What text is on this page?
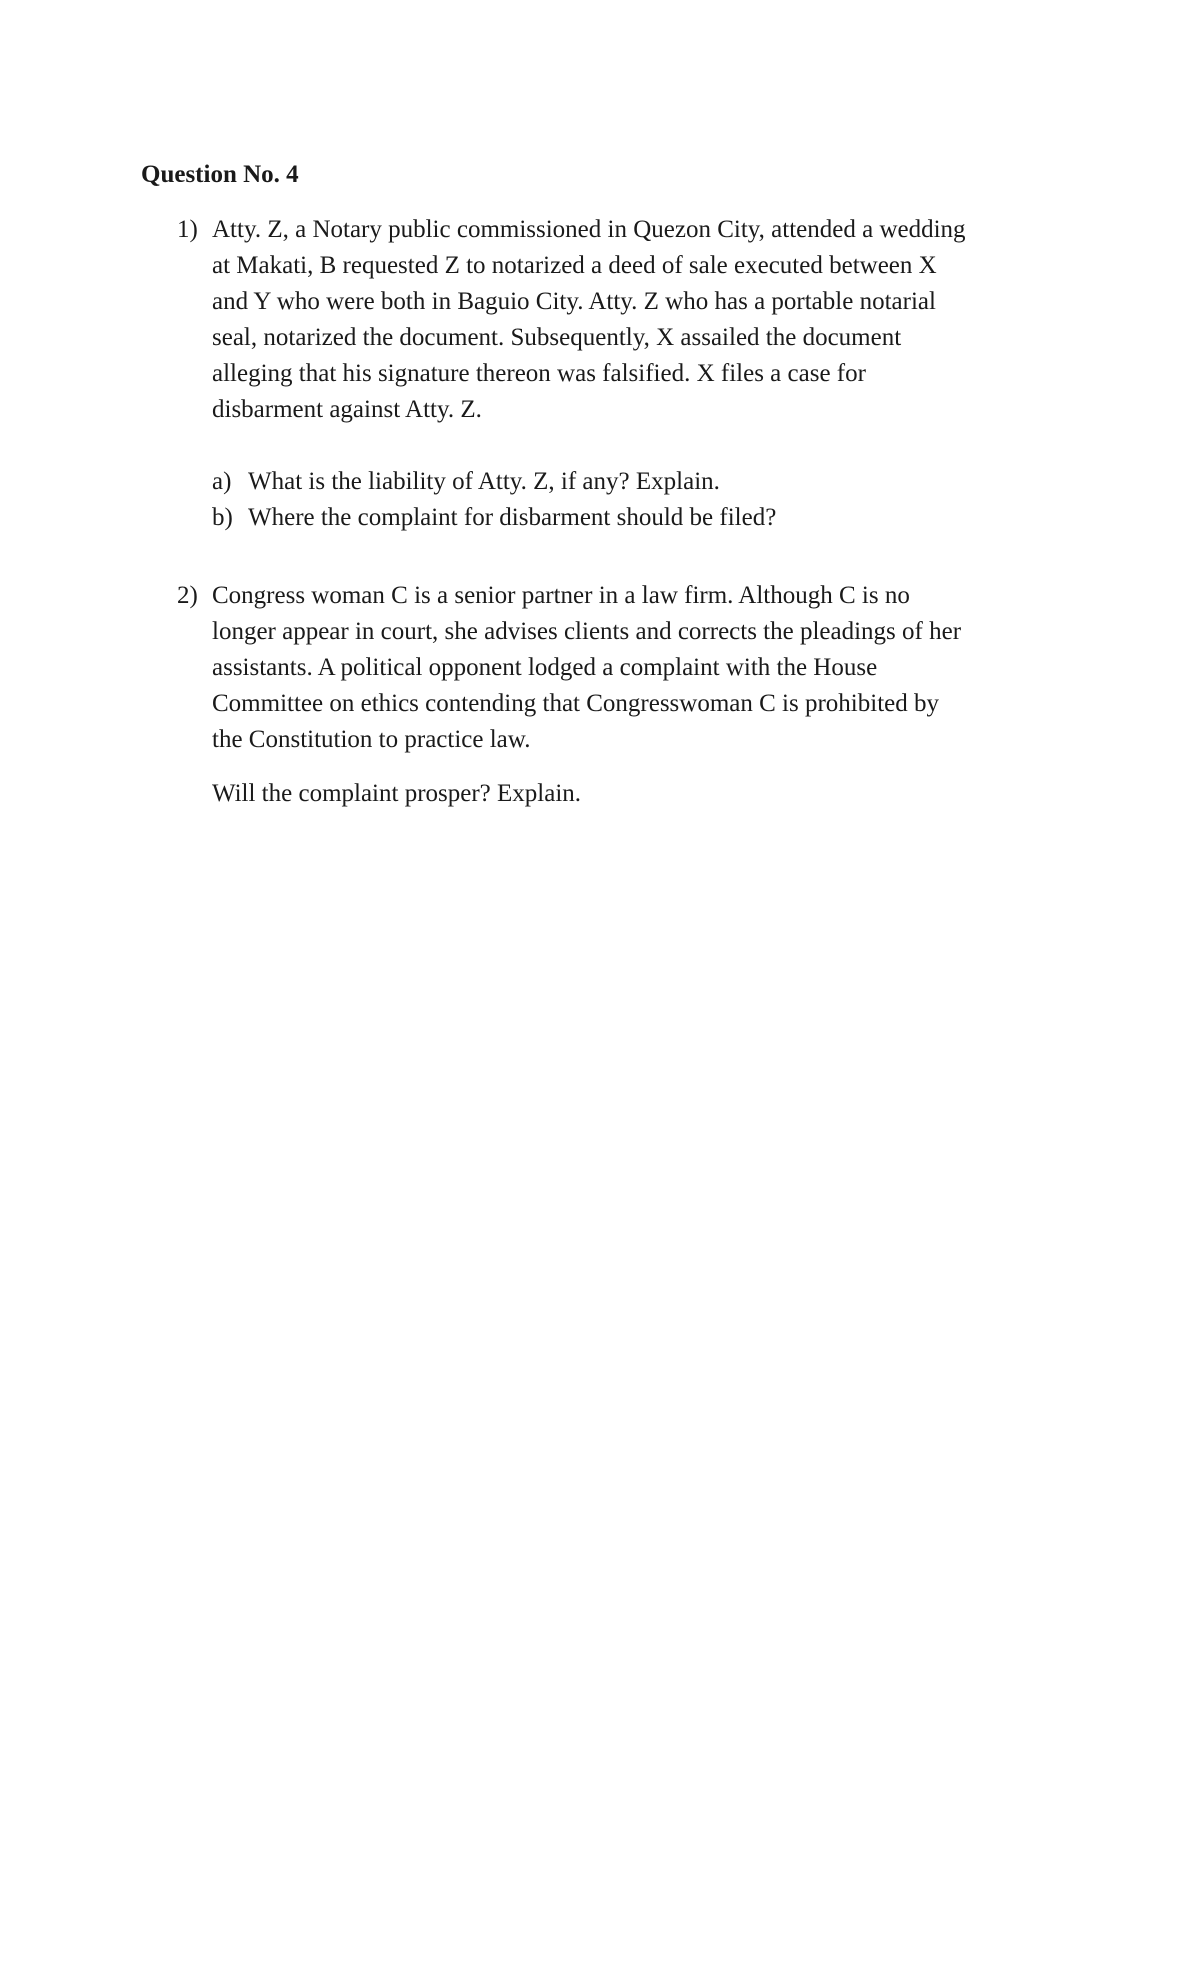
Question No. 4
1) Atty. Z, a Notary public commissioned in Quezon City, attended a wedding
at Makati, B requested Z to notarized a deed of sale executed between X
and Y who were both in Baguio City. Atty. Z who has a portable notarial
seal, notarized the document. Subsequently, X assailed the document
alleging that his signature thereon was falsified. X files a case for
disbarment against Atty. Z.
a) What is the liability of Atty. Z, if any? Explain.
b) Where the complaint for disbarment should be filed?
2) Congress woman C is a senior partner in a law firm. Although C is no
longer appear in court, she advises clients and corrects the pleadings of her
assistants. A political opponent lodged a complaint with the House
Committee on ethics contending that Congresswoman C is prohibited by
the Constitution to practice law.
Will the complaint prosper? Explain.
